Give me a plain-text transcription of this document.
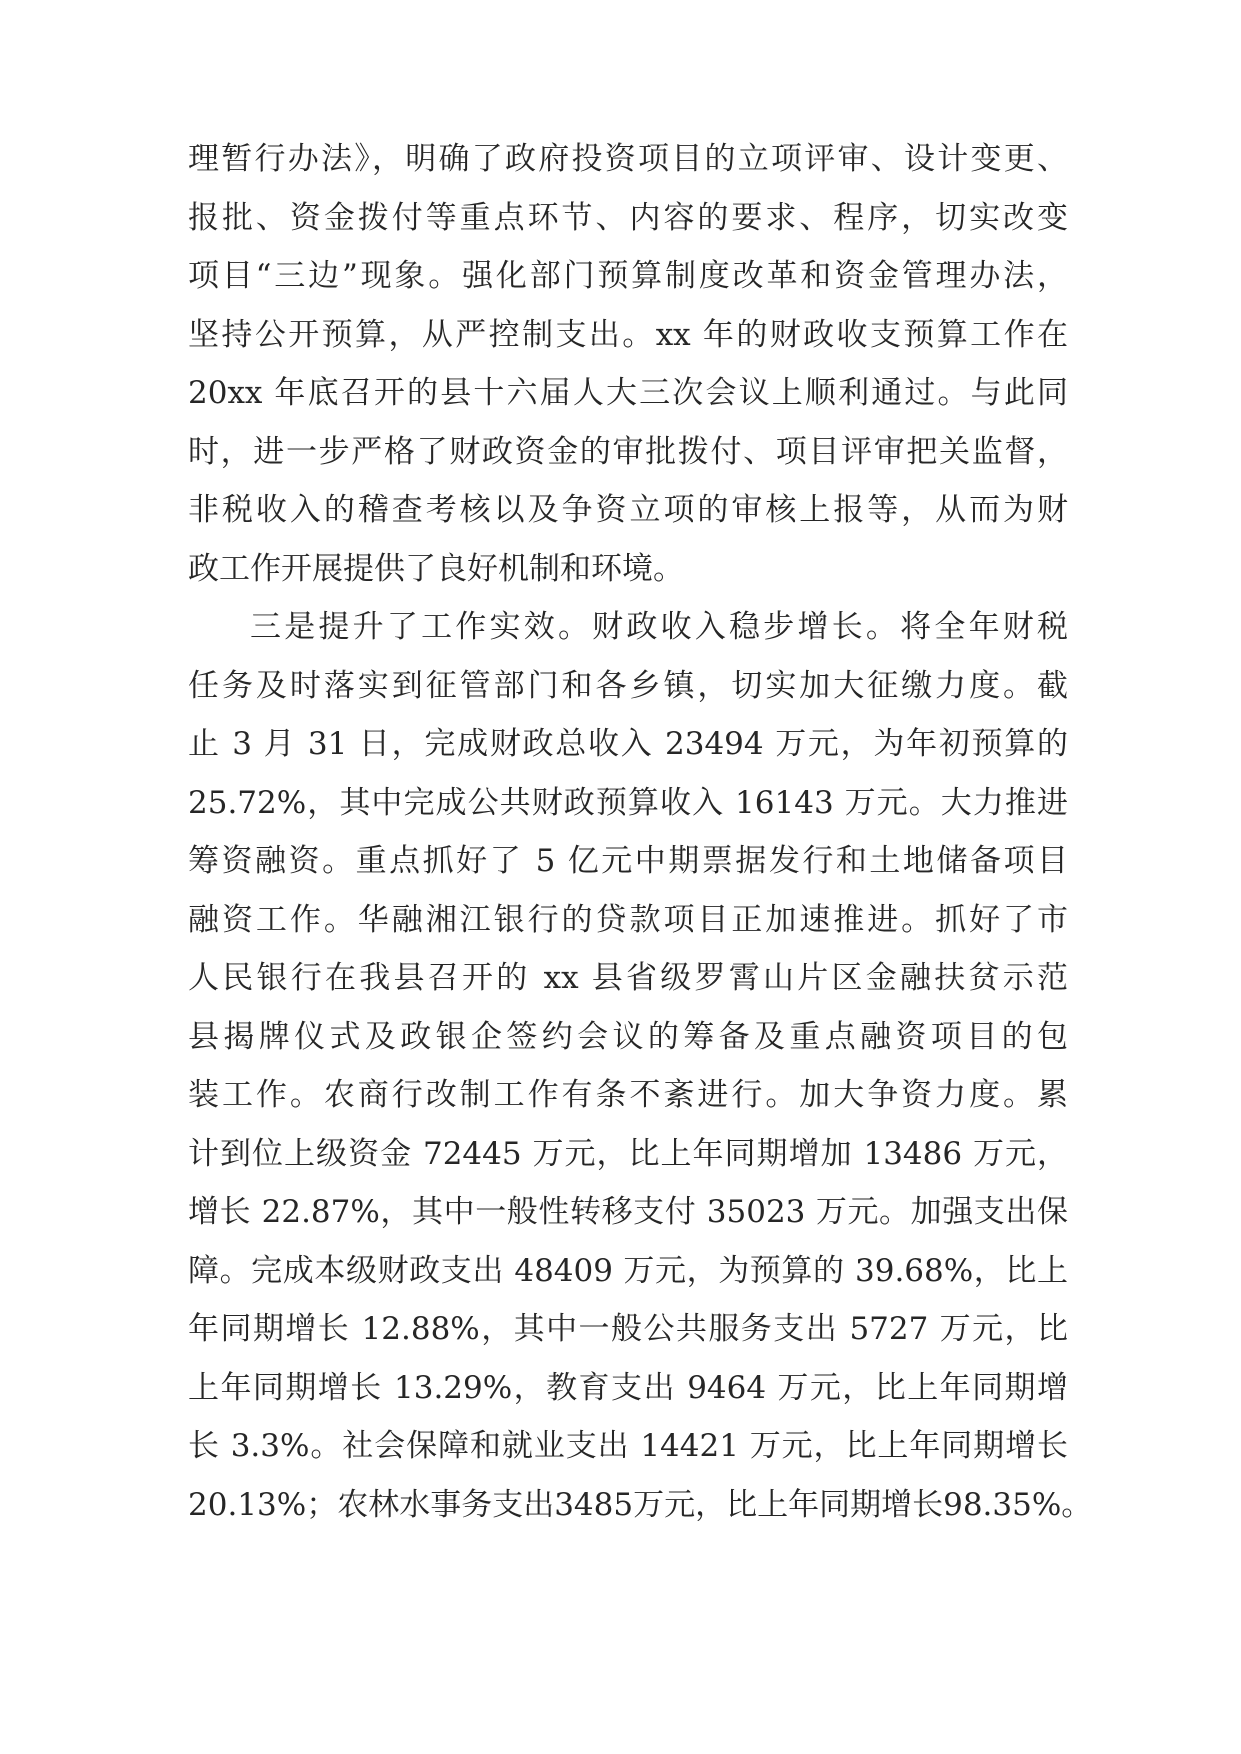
理暂行办法》，明确了政府投资项目的立项评审、设计变更、
报批、资金拨付等重点环节、内容的要求、程序，切实改变
项目“三边”现象。强化部门预算制度改革和资金管理办法，
坚持公开预算，从严控制支出。xx 年的财政收支预算工作在
20xx 年底召开的县十六届人大三次会议上顺利通过。与此同
时，进一步严格了财政资金的审批拨付、项目评审把关监督，
非税收入的稽查考核以及争资立项的审核上报等，从而为财
政工作开展提供了良好机制和环境。
三是提升了工作实效。财政收入稳步增长。将全年财税
任务及时落实到征管部门和各乡镇，切实加大征缴力度。截
止 3 月 31 日，完成财政总收入 23494 万元，为年初预算的
25.72%，其中完成公共财政预算收入 16143 万元。大力推进
筹资融资。重点抓好了 5 亿元中期票据发行和土地储备项目
融资工作。华融湘江银行的贷款项目正加速推进。抓好了市
人民银行在我县召开的 xx 县省级罗霄山片区金融扶贫示范
县揭牌仪式及政银企签约会议的筹备及重点融资项目的包
装工作。农商行改制工作有条不紊进行。加大争资力度。累
计到位上级资金 72445 万元，比上年同期增加 13486 万元，
增长 22.87%，其中一般性转移支付 35023 万元。加强支出保
障。完成本级财政支出 48409 万元，为预算的 39.68%，比上
年同期增长 12.88%，其中一般公共服务支出 5727 万元，比
上年同期增长 13.29%，教育支出 9464 万元，比上年同期增
长 3.3%。社会保障和就业支出 14421 万元，比上年同期增长
20.13%；农林水事务支出3485万元，比上年同期增长98.35%。
